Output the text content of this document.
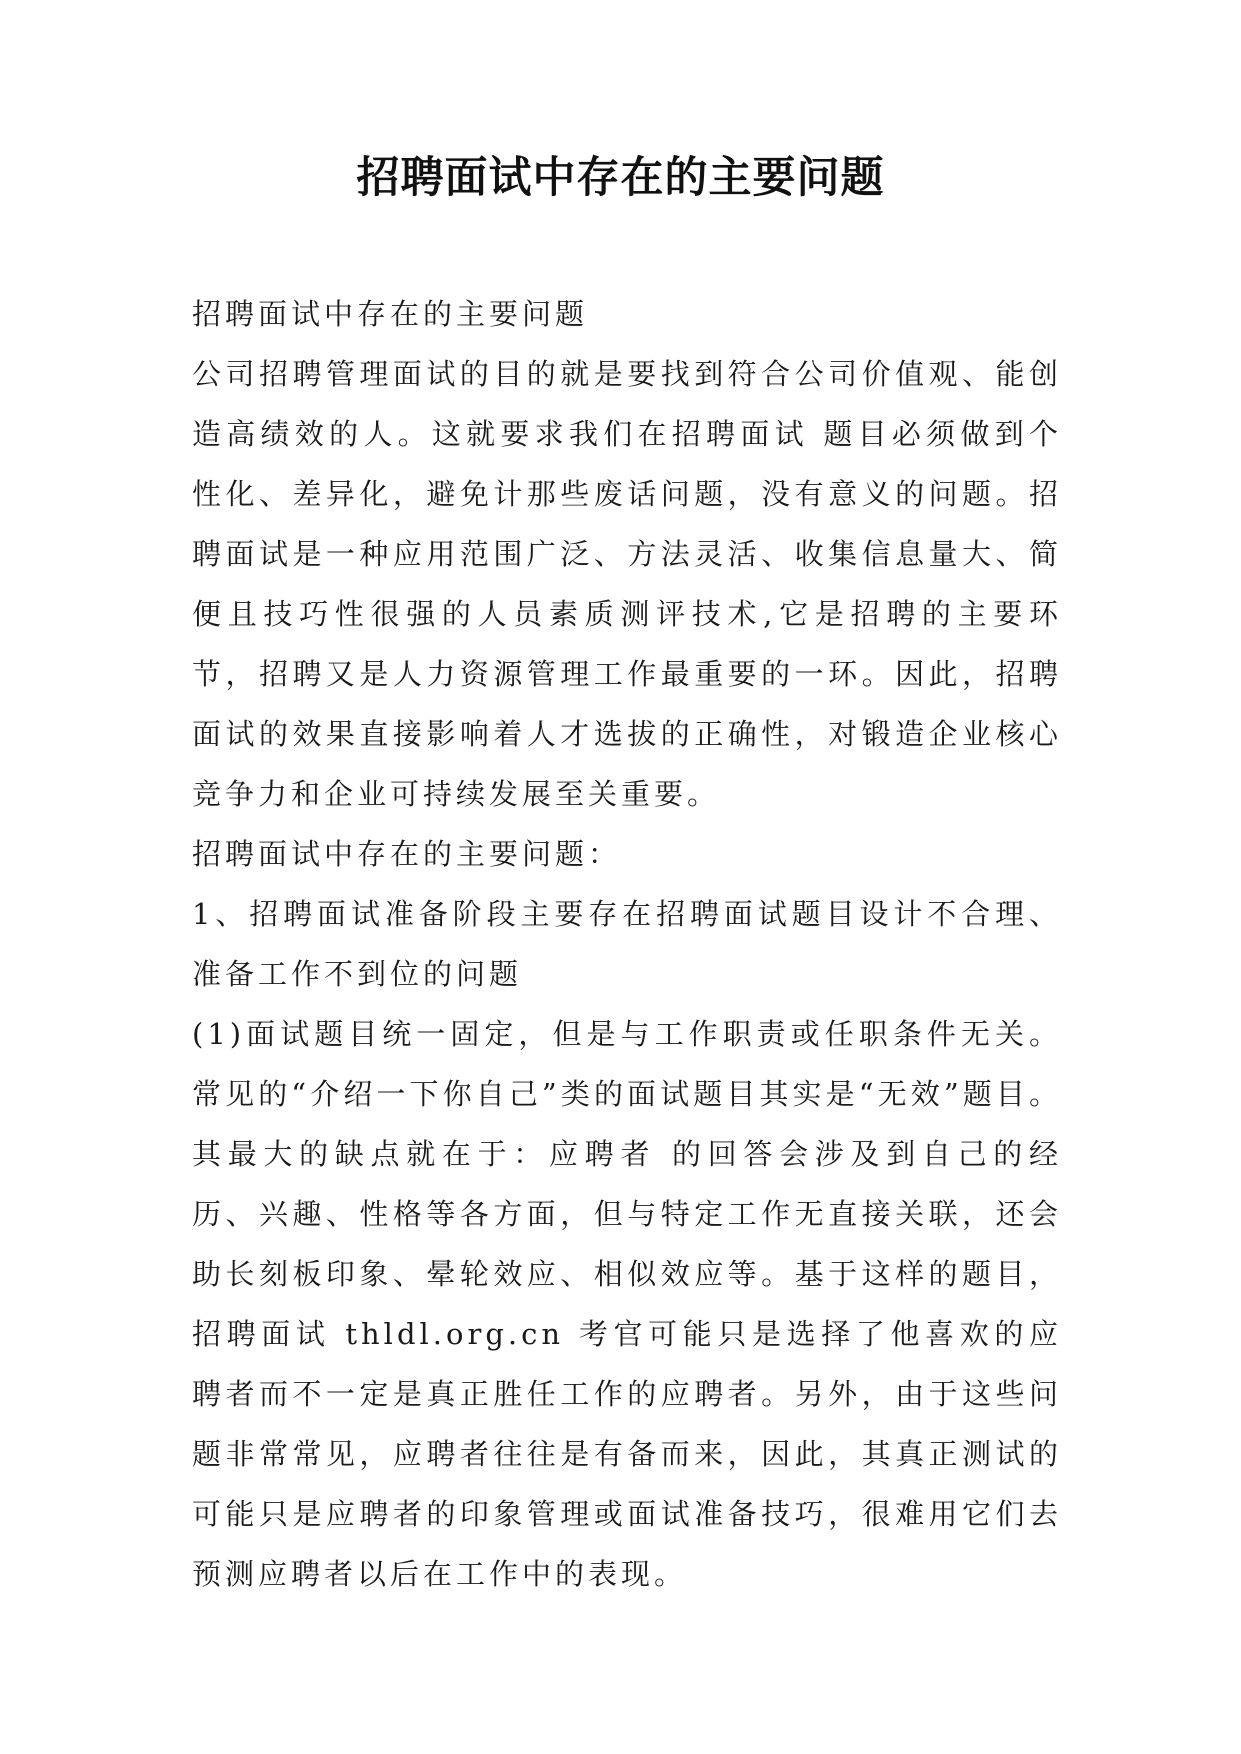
招聘面试中存在的主要问题

招聘面试中存在的主要问题

公司招聘管理面试的目的就是要找到符合公司价值观、能创造高绩效的人。这就要求我们在招聘面试 题目必须做到个性化、差异化，避免计那些废话问题，没有意义的问题。招聘面试是一种应用范围广泛、方法灵活、收集信息量大、简便且技巧性很强的人员素质测评技术,它是招聘的主要环节，招聘又是人力资源管理工作最重要的一环。因此，招聘面试的效果直接影响着人才选拔的正确性，对锻造企业核心竞争力和企业可持续发展至关重要。

招聘面试中存在的主要问题：

1、招聘面试准备阶段主要存在招聘面试题目设计不合理、准备工作不到位的问题

(1)面试题目统一固定，但是与工作职责或任职条件无关。常见的“介绍一下你自己”类的面试题目其实是“无效”题目。其最大的缺点就在于：应聘者 的回答会涉及到自己的经历、兴趣、性格等各方面，但与特定工作无直接关联，还会助长刻板印象、晕轮效应、相似效应等。基于这样的题目，招聘面试 thldl.org.cn 考官可能只是选择了他喜欢的应聘者而不一定是真正胜任工作的应聘者。另外，由于这些问题非常常见，应聘者往往是有备而来，因此，其真正测试的可能只是应聘者的印象管理或面试准备技巧，很难用它们去预测应聘者以后在工作中的表现。
